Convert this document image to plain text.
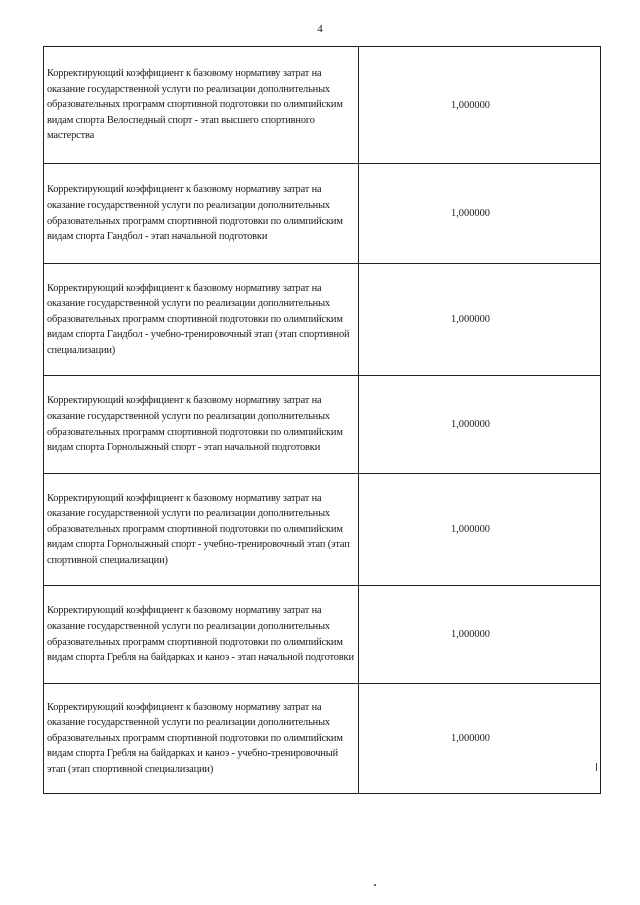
4
Корректирующий коэффициент к базовому нормативу затрат на оказание государственной услуги по реализации дополнительных образовательных программ спортивной подготовки по олимпийским видам спорта Велоспедный спорт - этап высшего спортивного мастерства	1,000000
Корректирующий коэффициент к базовому нормативу затрат на оказание государственной услуги по реализации дополнительных образовательных программ спортивной подготовки по олимпийским видам спорта Гандбол - этап начальной подготовки	1,000000
Корректирующий коэффициент к базовому нормативу затрат на оказание государственной услуги по реализации дополнительных образовательных программ спортивной подготовки по олимпийским видам спорта Гандбол - учебно-тренировочный этап (этап спортивной специализации)	1,000000
Корректирующий коэффициент к базовому нормативу затрат на оказание государственной услуги по реализации дополнительных образовательных программ спортивной подготовки по олимпийским видам спорта Горнолыжный спорт - этап начальной подготовки	1,000000
Корректирующий коэффициент к базовому нормативу затрат на оказание государственной услуги по реализации дополнительных образовательных программ спортивной подготовки по олимпийским видам спорта Горнолыжный спорт - учебно-тренировочный этап (этап спортивной специализации)	1,000000
Корректирующий коэффициент к базовому нормативу затрат на оказание государственной услуги по реализации дополнительных образовательных программ спортивной подготовки по олимпийским видам спорта Гребля на байдарках и каноэ - этап начальной подготовки	1,000000
Корректирующий коэффициент к базовому нормативу затрат на оказание государственной услуги по реализации дополнительных образовательных программ спортивной подготовки по олимпийским видам спорта Гребля на байдарках и каноэ - учебно-тренировочный этап (этап спортивной специализации)	1,000000
